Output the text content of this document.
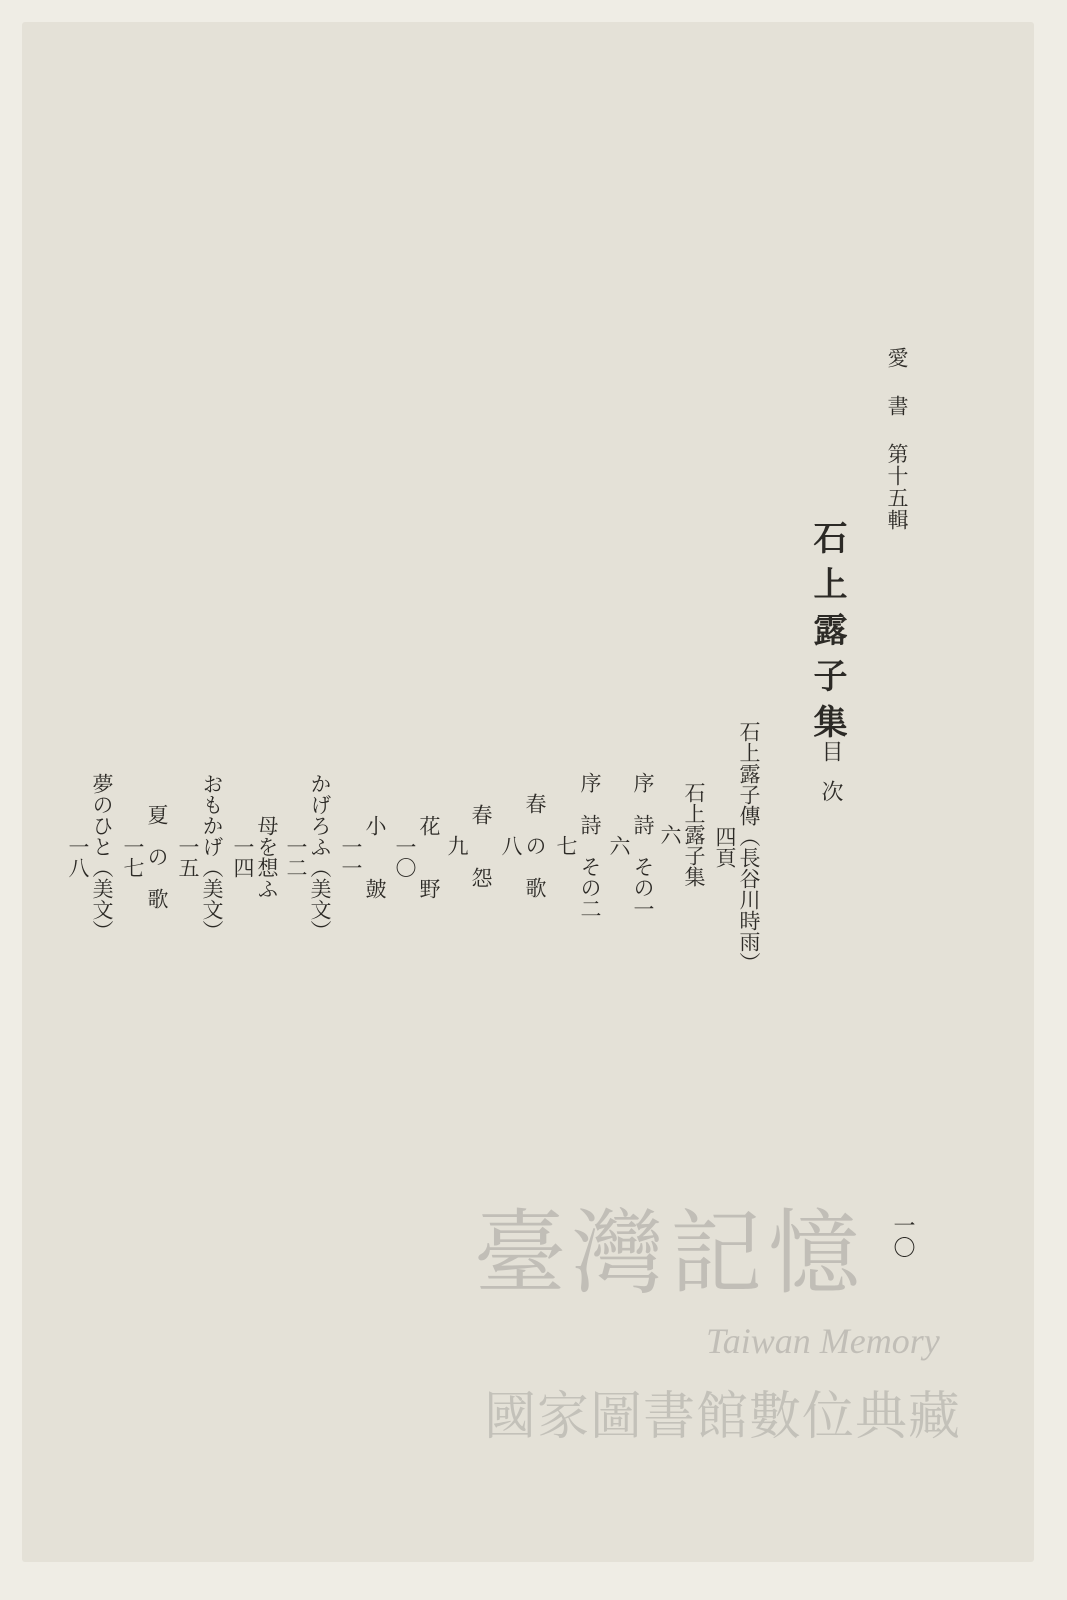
愛書第十五輯
石上露子集
目次
一〇
石上露子傳（長谷川時雨）
四頁
石上露子集
六
序　詩　その一
六
序　詩　その二
七
春　の　歌
八
春　　怨
九
花　　野
一〇
小　　皷
一一
かげろふ（美文）
一二
母を想ふ
一四
おもかげ（美文）
一五
夏　の　歌
一七
夢のひと（美文）
一八
臺灣記憶
Taiwan Memory
國家圖書館數位典藏
